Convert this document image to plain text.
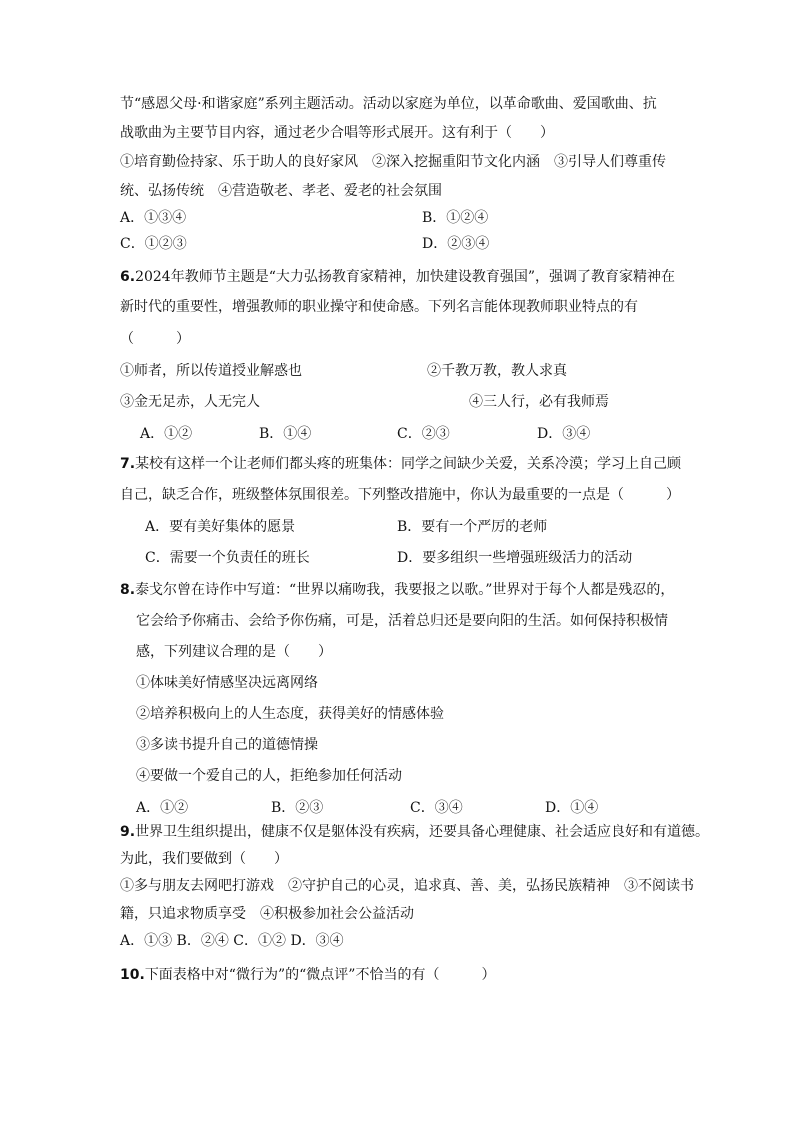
节“感恩父母·和谐家庭”系列主题活动。活动以家庭为单位，以革命歌曲、爱国歌曲、抗
战歌曲为主要节目内容，通过老少合唱等形式展开。这有利于（　　）
①培育勤俭持家、乐于助人的良好家风　②深入挖掘重阳节文化内涵　③引导人们尊重传
统、弘扬传统　④营造敬老、孝老、爱老的社会氛围
A．①③④	B．①②④
C．①②③	D．②③④
6.2024年教师节主题是“大力弘扬教育家精神，加快建设教育强国”，强调了教育家精神在
新时代的重要性，增强教师的职业操守和使命感。下列名言能体现教师职业特点的有
（　　　）
①师者，所以传道授业解惑也	②千教万教，教人求真
③金无足赤，人无完人	④三人行，必有我师焉
A．①②	B．①④	C．②③	D．③④
7.某校有这样一个让老师们都头疼的班集体：同学之间缺少关爱，关系冷漠；学习上自己顾
自己，缺乏合作，班级整体氛围很差。下列整改措施中，你认为最重要的一点是（　　　）
A．要有美好集体的愿景	B．要有一个严厉的老师
C．需要一个负责任的班长	D．要多组织一些增强班级活力的活动
8.泰戈尔曾在诗作中写道：“世界以痛吻我，我要报之以歌。”世界对于每个人都是残忍的，
它会给予你痛击、会给予你伤痛，可是，活着总归还是要向阳的生活。如何保持积极情
感，下列建议合理的是（　　）
①体味美好情感坚决远离网络
②培养积极向上的人生态度，获得美好的情感体验
③多读书提升自己的道德情操
④要做一个爱自己的人，拒绝参加任何活动
A．①②	B．②③	C．③④	D．①④
9.世界卫生组织提出，健康不仅是躯体没有疾病，还要具备心理健康、社会适应良好和有道德。
为此，我们要做到（　　）
①多与朋友去网吧打游戏　②守护自己的心灵，追求真、善、美，弘扬民族精神　③不阅读书
籍，只追求物质享受　④积极参加社会公益活动
A．①③ B．②④ C．①② D．③④
10.下面表格中对“微行为”的“微点评”不恰当的有（　　　）
